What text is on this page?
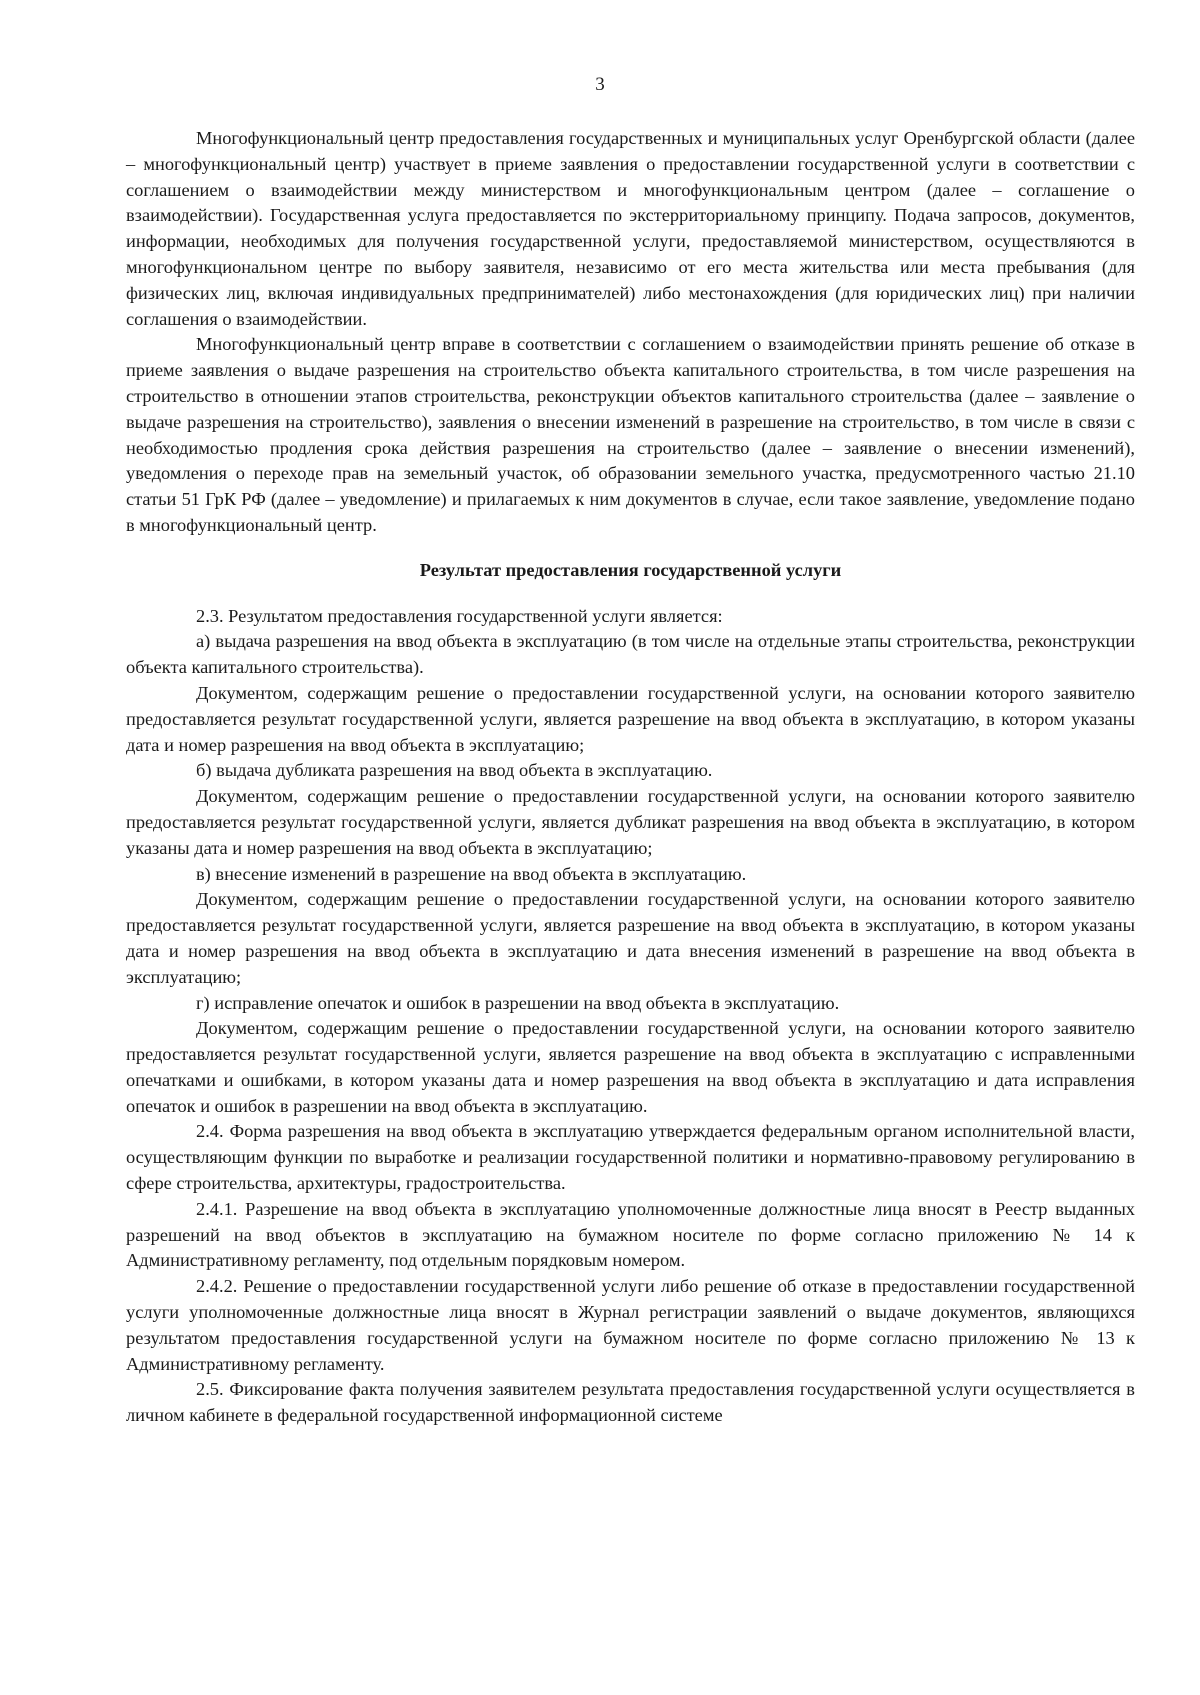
3

Многофункциональный центр предоставления государственных и муниципальных услуг Оренбургской области (далее – многофункциональный центр) участвует в приеме заявления о предоставлении государственной услуги в соответствии с соглашением о взаимодействии между министерством и многофункциональным центром (далее – соглашение о взаимодействии). Государственная услуга предоставляется по экстерриториальному принципу. Подача запросов, документов, информации, необходимых для получения государственной услуги, предоставляемой министерством, осуществляются в многофункциональном центре по выбору заявителя, независимо от его места жительства или места пребывания (для физических лиц, включая индивидуальных предпринимателей) либо местонахождения (для юридических лиц) при наличии соглашения о взаимодействии.

Многофункциональный центр вправе в соответствии с соглашением о взаимодействии принять решение об отказе в приеме заявления о выдаче разрешения на строительство объекта капитального строительства, в том числе разрешения на строительство в отношении этапов строительства, реконструкции объектов капитального строительства (далее – заявление о выдаче разрешения на строительство), заявления о внесении изменений в разрешение на строительство, в том числе в связи с необходимостью продления срока действия разрешения на строительство (далее – заявление о внесении изменений), уведомления о переходе прав на земельный участок, об образовании земельного участка, предусмотренного частью 21.10 статьи 51 ГрК РФ (далее – уведомление) и прилагаемых к ним документов в случае, если такое заявление, уведомление подано в многофункциональный центр.

Результат предоставления государственной услуги

2.3. Результатом предоставления государственной услуги является:

а) выдача разрешения на ввод объекта в эксплуатацию (в том числе на отдельные этапы строительства, реконструкции объекта капитального строительства).

Документом, содержащим решение о предоставлении государственной услуги, на основании которого заявителю предоставляется результат государственной услуги, является разрешение на ввод объекта в эксплуатацию, в котором указаны дата и номер разрешения на ввод объекта в эксплуатацию;

б) выдача дубликата разрешения на ввод объекта в эксплуатацию.

Документом, содержащим решение о предоставлении государственной услуги, на основании которого заявителю предоставляется результат государственной услуги, является дубликат разрешения на ввод объекта в эксплуатацию, в котором указаны дата и номер разрешения на ввод объекта в эксплуатацию;

в) внесение изменений в разрешение на ввод объекта в эксплуатацию.

Документом, содержащим решение о предоставлении государственной услуги, на основании которого заявителю предоставляется результат государственной услуги, является разрешение на ввод объекта в эксплуатацию, в котором указаны дата и номер разрешения на ввод объекта в эксплуатацию и дата внесения изменений в разрешение на ввод объекта в эксплуатацию;

г) исправление опечаток и ошибок в разрешении на ввод объекта в эксплуатацию.

Документом, содержащим решение о предоставлении государственной услуги, на основании которого заявителю предоставляется результат государственной услуги, является разрешение на ввод объекта в эксплуатацию с исправленными опечатками и ошибками, в котором указаны дата и номер разрешения на ввод объекта в эксплуатацию и дата исправления опечаток и ошибок в разрешении на ввод объекта в эксплуатацию.

2.4. Форма разрешения на ввод объекта в эксплуатацию утверждается федеральным органом исполнительной власти, осуществляющим функции по выработке и реализации государственной политики и нормативно-правовому регулированию в сфере строительства, архитектуры, градостроительства.

2.4.1. Разрешение на ввод объекта в эксплуатацию уполномоченные должностные лица вносят в Реестр выданных разрешений на ввод объектов в эксплуатацию на бумажном носителе по форме согласно приложению № 14 к Административному регламенту, под отдельным порядковым номером.

2.4.2. Решение о предоставлении государственной услуги либо решение об отказе в предоставлении государственной услуги уполномоченные должностные лица вносят в Журнал регистрации заявлений о выдаче документов, являющихся результатом предоставления государственной услуги на бумажном носителе по форме согласно приложению № 13 к Административному регламенту.

2.5. Фиксирование факта получения заявителем результата предоставления государственной услуги осуществляется в личном кабинете в федеральной государственной информационной системе
